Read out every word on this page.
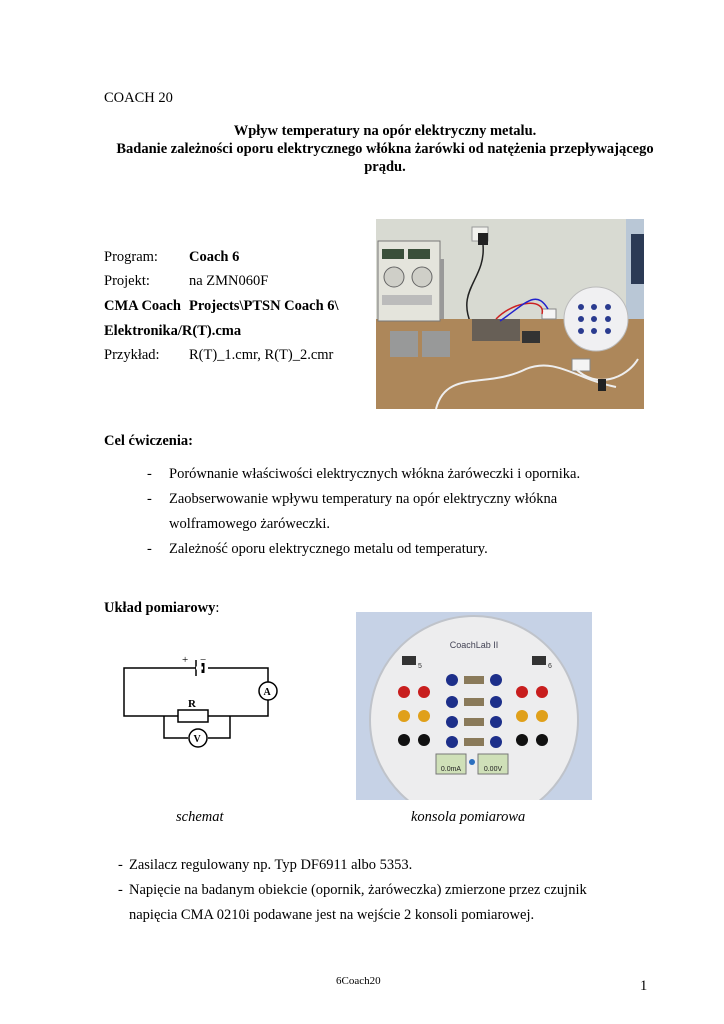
COACH 20
Wpływ temperatury na opór elektryczny metalu.
Badanie zależności oporu elektrycznego włókna żarówki od natężenia przepływającego
prądu.
Program: Coach 6
Projekt:	na ZMN060F
CMA Coach Projects\PTSN Coach 6\
Elektronika/R(T).cma
Przykład: R(T)_1.cmr, R(T)_2.cmr
Cel ćwiczenia:
- Porównanie właściwości elektrycznych włókna żaróweczki i opornika.
- Zaobserwowanie wpływu temperatury na opór elektryczny włókna
wolframowego żaróweczki.
- Zależność oporu elektrycznego metalu od temperatury.
Układ pomiarowy:
+ −
R
A
V
CoachLab II
5	6
0.0mA	0.00V
schemat	konsola pomiarowa
- Zasilacz regulowany np. Typ DF6911 albo 5353.
- Napięcie na badanym obiekcie (opornik, żaróweczka) zmierzone przez czujnik
napięcia CMA 0210i podawane jest na wejście 2 konsoli pomiarowej.
6Coach20	1
